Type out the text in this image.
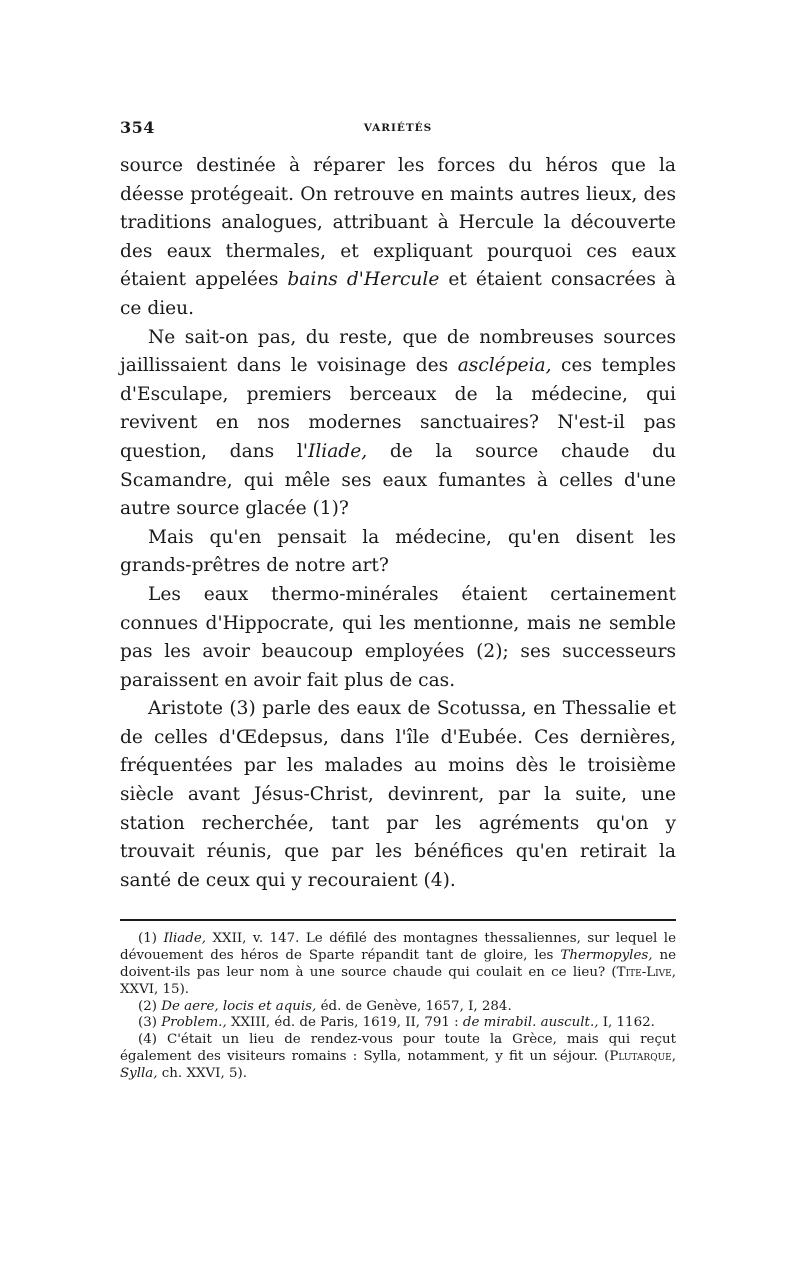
354	VARIÉTÉS

source destinée à réparer les forces du héros que la déesse protégeait. On retrouve en maints autres lieux, des traditions analogues, attribuant à Hercule la découverte des eaux thermales, et expliquant pourquoi ces eaux étaient appelées bains d'Hercule et étaient consacrées à ce dieu.

Ne sait-on pas, du reste, que de nombreuses sources jaillissaient dans le voisinage des asclépeia, ces temples d'Esculape, premiers berceaux de la médecine, qui revivent en nos modernes sanctuaires? N'est-il pas question, dans l'Iliade, de la source chaude du Scamandre, qui mêle ses eaux fumantes à celles d'une autre source glacée (1)?

Mais qu'en pensait la médecine, qu'en disent les grands-prêtres de notre art?

Les eaux thermo-minérales étaient certainement connues d'Hippocrate, qui les mentionne, mais ne semble pas les avoir beaucoup employées (2); ses successeurs paraissent en avoir fait plus de cas.

Aristote (3) parle des eaux de Scotussa, en Thessalie et de celles d'Œdepsus, dans l'île d'Eubée. Ces dernières, fréquentées par les malades au moins dès le troisième siècle avant Jésus-Christ, devinrent, par la suite, une station recherchée, tant par les agréments qu'on y trouvait réunis, que par les bénéfices qu'en retirait la santé de ceux qui y recouraient (4).

(1) Iliade, XXII, v. 147. Le défilé des montagnes thessaliennes, sur lequel le dévouement des héros de Sparte répandit tant de gloire, les Thermopyles, ne doivent-ils pas leur nom à une source chaude qui coulait en ce lieu? (Tite-Live, XXVI, 15).

(2) De aere, locis et aquis, éd. de Genève, 1657, I, 284.

(3) Problem., XXIII, éd. de Paris, 1619, II, 791 : de mirabil. auscult., I, 1162.

(4) C'était un lieu de rendez-vous pour toute la Grèce, mais qui reçut également des visiteurs romains : Sylla, notamment, y fit un séjour. (Plutarque, Sylla, ch. XXVI, 5).
